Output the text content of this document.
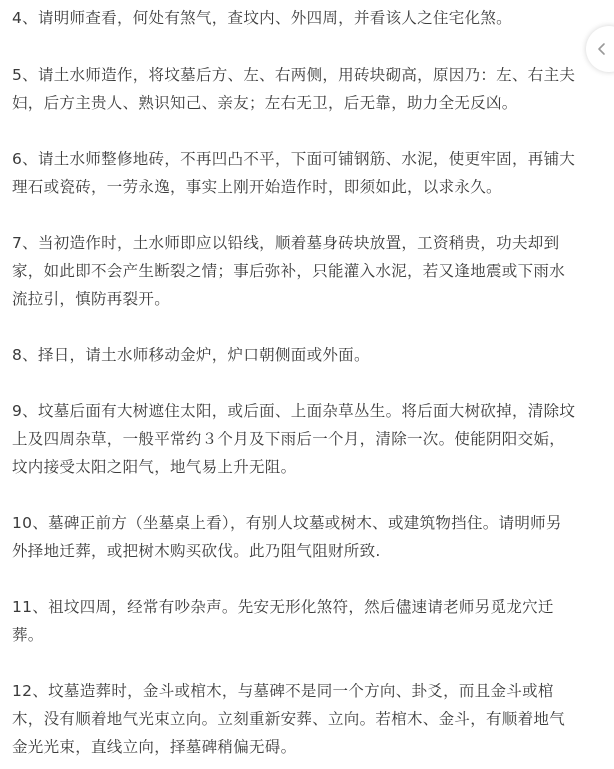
4、请明师查看，何处有煞气，查坟内、外四周，并看该人之住宅化煞。
5、请土水师造作，将坟墓后方、左、右两侧，用砖块砌高，原因乃：左、右主夫
妇，后方主贵人、熟识知己、亲友；左右无卫，后无靠，助力全无反凶。
6、请土水师整修地砖，不再凹凸不平，下面可铺钢筋、水泥，使更牢固，再铺大
理石或瓷砖，一劳永逸，事实上刚开始造作时，即须如此，以求永久。
7、当初造作时，土水师即应以铅线，顺着墓身砖块放置，工资稍贵，功夫却到
家，如此即不会产生断裂之情；事后弥补，只能灌入水泥，若又逢地震或下雨水
流拉引，慎防再裂开。
8、择日，请土水师移动金炉，炉口朝侧面或外面。
9、坟墓后面有大树遮住太阳，或后面、上面杂草丛生。将后面大树砍掉，清除坟
上及四周杂草，一般平常约３个月及下雨后一个月，清除一次。使能阴阳交姤，
坟内接受太阳之阳气，地气易上升无阻。
10、墓碑正前方（坐墓桌上看），有别人坟墓或树木、或建筑物挡住。请明师另
外择地迁葬，或把树木购买砍伐。此乃阻气阻财所致.
11、祖坟四周，经常有吵杂声。先安无形化煞符，然后儘速请老师另觅龙穴迁
葬。
12、坟墓造葬时，金斗或棺木，与墓碑不是同一个方向、卦爻，而且金斗或棺
木，没有顺着地气光束立向。立刻重新安葬、立向。若棺木、金斗，有顺着地气
金光光束，直线立向，择墓碑稍偏无碍。
